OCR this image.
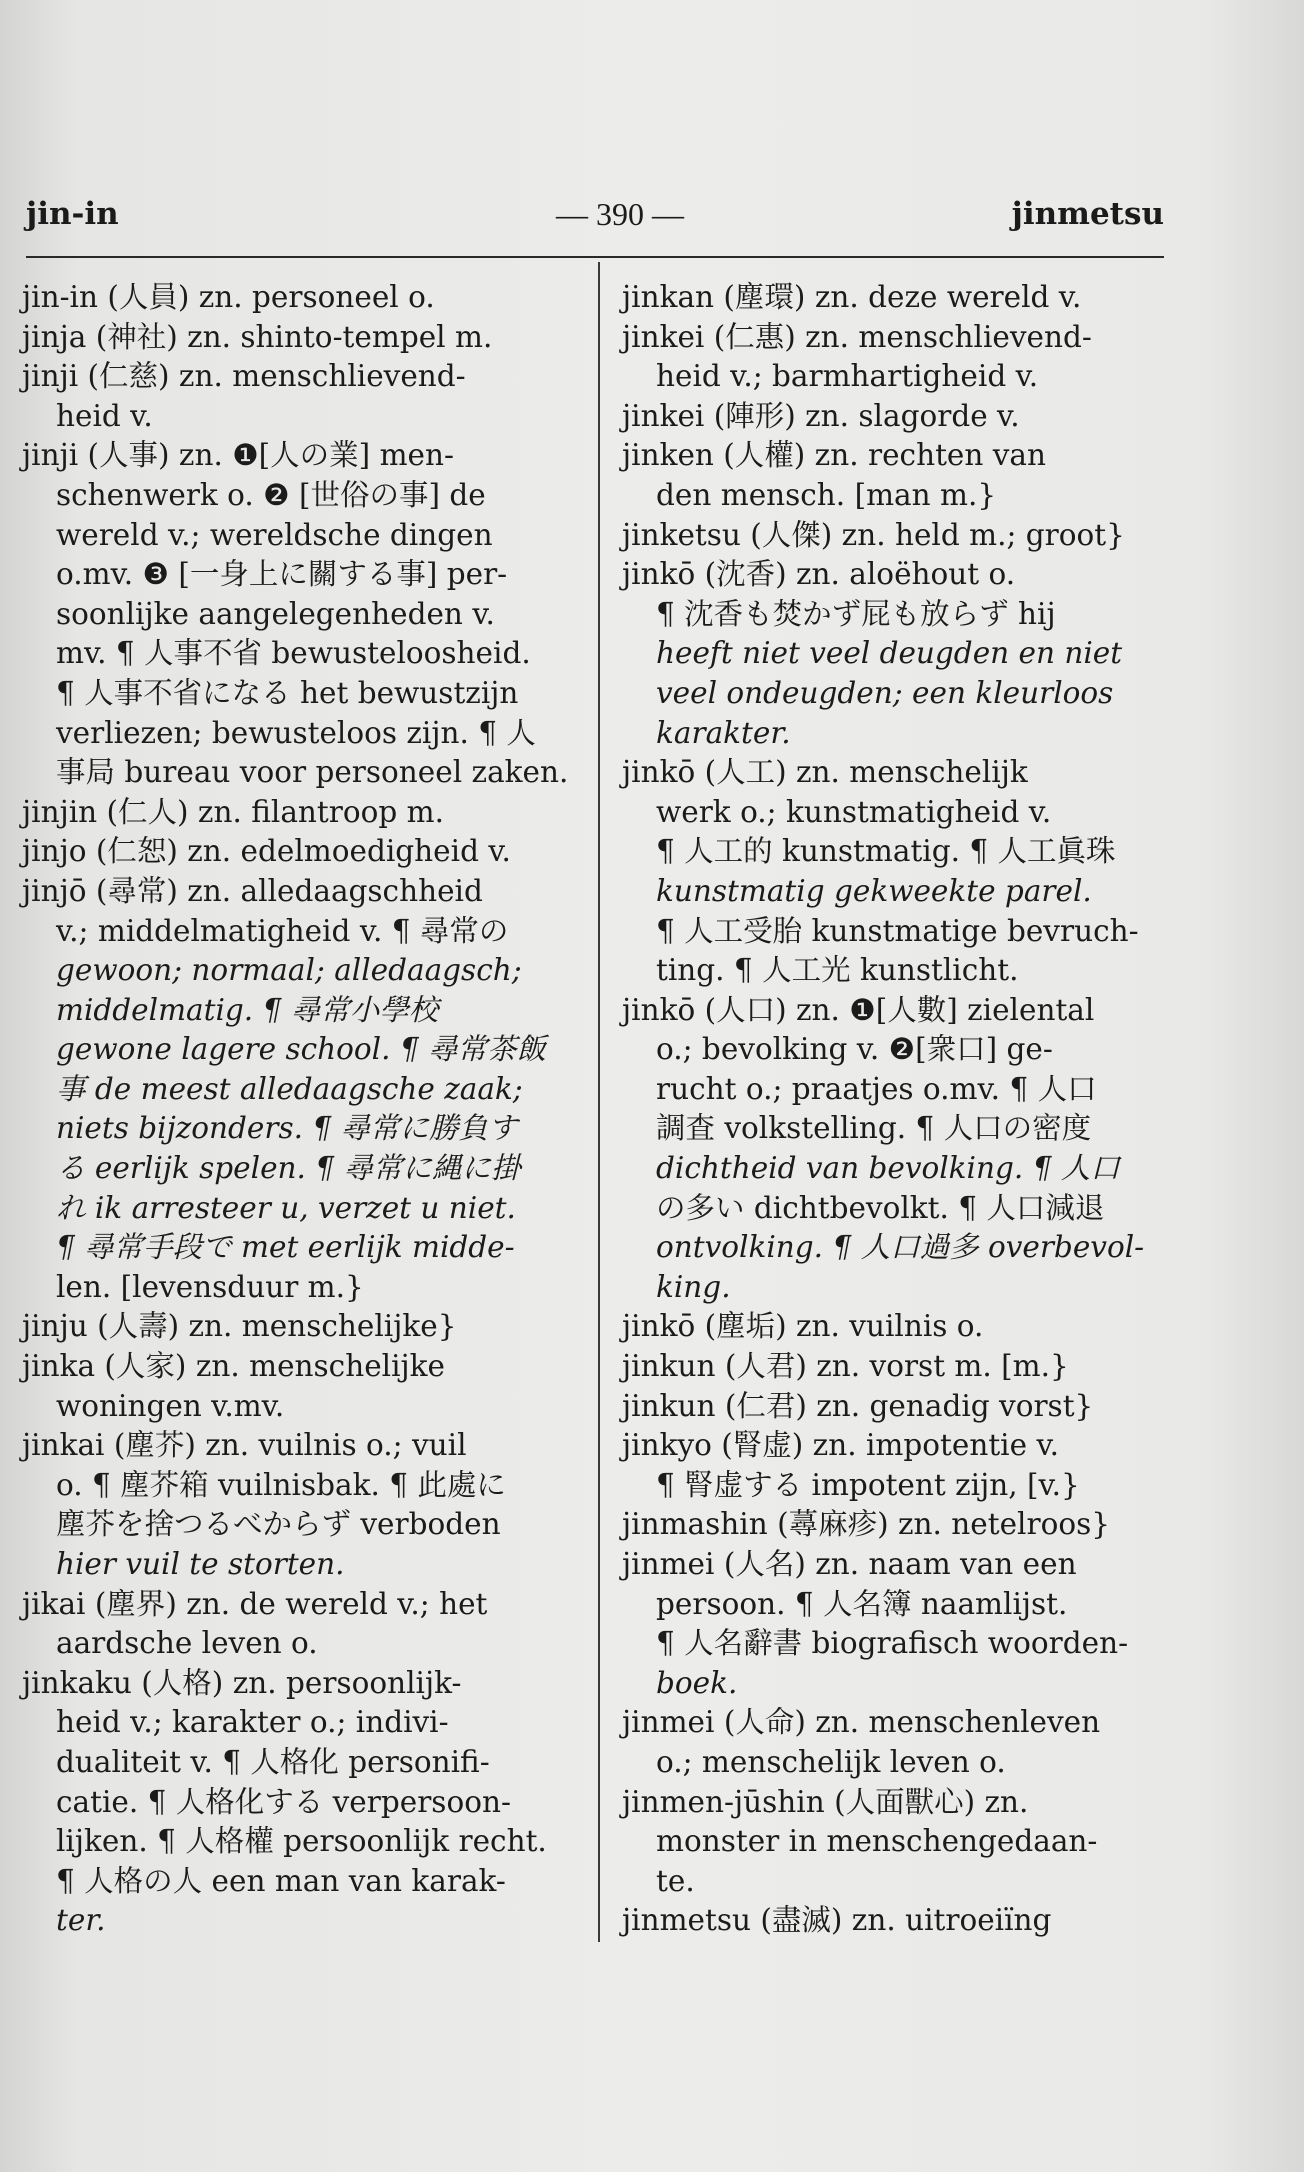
jin-in	— 390 —	jinmetsu

jin-in (人員) zn. personeel o.

jinja (神社) zn. shinto-tempel m.

jinji (仁慈) zn. menschlievend-

heid v.

jinji (人事) zn. ❶[人の業] men-

schenwerk o. ❷ [世俗の事] de

wereld v.; wereldsche dingen

o.mv. ❸ [一身上に關する事] per-

soonlijke aangelegenheden v.

mv. ¶ 人事不省 bewusteloosheid.

¶ 人事不省になる het bewustzijn

verliezen; bewusteloos zijn. ¶ 人

事局 bureau voor personeel zaken.

jinjin (仁人) zn. filantroop m.

jinjo (仁恕) zn. edelmoedigheid v.

jinjō (尋常) zn. alledaagschheid

v.; middelmatigheid v. ¶ 尋常の

gewoon; normaal; alledaagsch;

middelmatig. ¶ 尋常小學校

gewone lagere school. ¶ 尋常茶飯

事 de meest alledaagsche zaak;

niets bijzonders. ¶ 尋常に勝負す

る eerlijk spelen. ¶ 尋常に縄に掛

れ ik arresteer u, verzet u niet.

¶ 尋常手段で met eerlijk midde-

len. [levensduur m.}

jinju (人壽) zn. menschelijke}

jinka (人家) zn. menschelijke

woningen v.mv.

jinkai (塵芥) zn. vuilnis o.; vuil

o. ¶ 塵芥箱 vuilnisbak. ¶ 此處に

塵芥を捨つるべからず verboden

hier vuil te storten.

jikai (塵界) zn. de wereld v.; het

aardsche leven o.

jinkaku (人格) zn. persoonlijk-

heid v.; karakter o.; indivi-

dualiteit v. ¶ 人格化 personifi-

catie. ¶ 人格化する verpersoon-

lijken. ¶ 人格權 persoonlijk recht.

¶ 人格の人 een man van karak-

ter.

jinkan (塵環) zn. deze wereld v.

jinkei (仁惠) zn. menschlievend-

heid v.; barmhartigheid v.

jinkei (陣形) zn. slagorde v.

jinken (人權) zn. rechten van

den mensch. [man m.}

jinketsu (人傑) zn. held m.; groot}

jinkō (沈香) zn. aloëhout o.

¶ 沈香も焚かず屁も放らず hij

heeft niet veel deugden en niet

veel ondeugden; een kleurloos

karakter.

jinkō (人工) zn. menschelijk

werk o.; kunstmatigheid v.

¶ 人工的 kunstmatig. ¶ 人工眞珠

kunstmatig gekweekte parel.

¶ 人工受胎 kunstmatige bevruch-

ting. ¶ 人工光 kunstlicht.

jinkō (人口) zn. ❶[人數] zielental

o.; bevolking v. ❷[衆口] ge-

rucht o.; praatjes o.mv. ¶ 人口

調査 volkstelling. ¶ 人口の密度

dichtheid van bevolking. ¶ 人口

の多い dichtbevolkt. ¶ 人口減退

ontvolking. ¶ 人口過多 overbevol-

king.

jinkō (塵垢) zn. vuilnis o.

jinkun (人君) zn. vorst m. [m.}

jinkun (仁君) zn. genadig vorst}

jinkyo (腎虚) zn. impotentie v.

¶ 腎虚する impotent zijn, [v.}

jinmashin (蕁麻疹) zn. netelroos}

jinmei (人名) zn. naam van een

persoon. ¶ 人名簿 naamlijst.

¶ 人名辭書 biografisch woorden-

boek.

jinmei (人命) zn. menschenleven

o.; menschelijk leven o.

jinmen-jūshin (人面獸心) zn.

monster in menschengedaan-

te.

jinmetsu (盡滅) zn. uitroeiïng
